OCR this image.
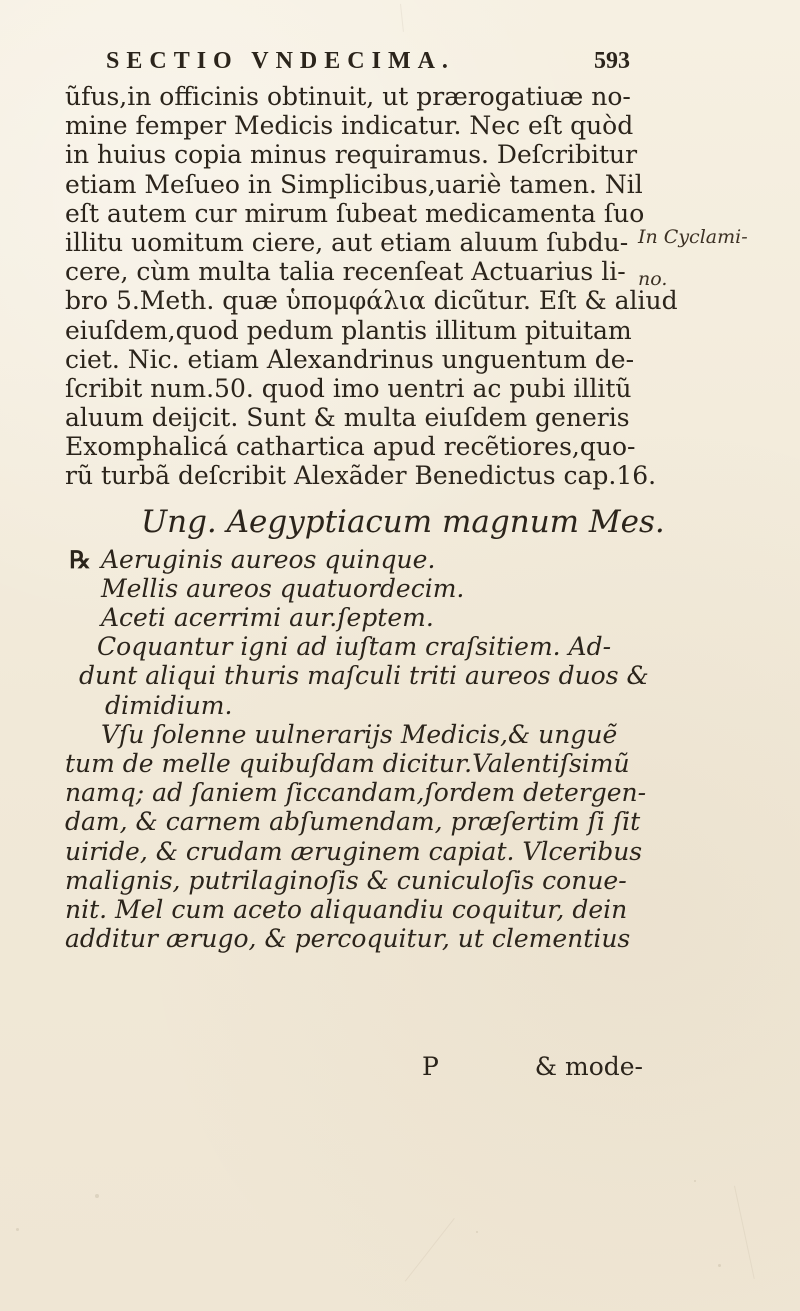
SECTIO VNDECIMA.	593

In Cyclami-

no.

ũfus,in officinis obtinuit, ut prærogatiuæ no-
mine femper Medicis indicatur. Nec eſt quòd
in huius copia minus requiramus. Deſcribitur
etiam Meſueo in Simplicibus,uariè tamen. Nil
eſt autem cur mirum ſubeat medicamenta ſuo
illitu uomitum ciere, aut etiam aluum ſubdu-
cere, cùm multa talia recenſeat Actuarius li-
bro 5.Meth. quæ ὑπομφάλια dicũtur. Eſt & aliud
eiuſdem,quod pedum plantis illitum pituitam
ciet. Nic. etiam Alexandrinus unguentum de-
ſcribit num.50. quod imo uentri ac pubi illitũ
aluum deijcit. Sunt & multa eiuſdem generis
Exomphalicá cathartica apud recẽtiores,quo-
rũ turbã deſcribit Alexãder Benedictus cap.16.
Ung. Aegyptiacum magnum Mes.
℞ Aeruginis aureos quinque.
Mellis aureos quatuordecim.
Aceti acerrimi aur.ſeptem.
Coquantur igni ad iuſtam craſsitiem. Ad-
dunt aliqui thuris maſculi triti aureos duos &
dimidium.
Vſu ſolenne uulnerarijs Medicis,& unguẽ
tum de melle quibuſdam dicitur.Valentiſsimũ
namq; ad ſaniem ſiccandam,ſordem detergen-
dam, & carnem abſumendam, præſertim ſi ſit
uiride, & crudam æruginem capiat. Vlceribus
malignis, putrilaginoſis & cuniculoſis conue-
nit. Mel cum aceto aliquandiu coquitur, dein
additur ærugo, & percoquitur, ut clementius
P	& mode-
